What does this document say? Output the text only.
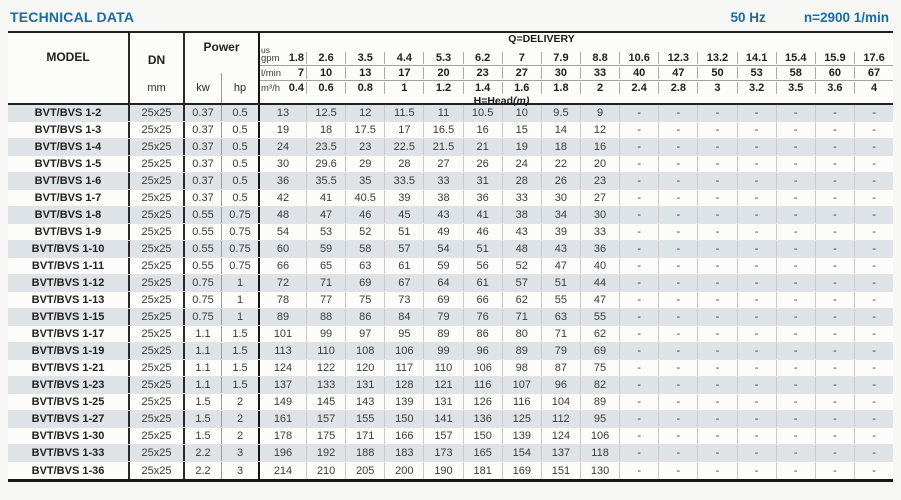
TECHNICAL DATA	50 Hz	n=2900 1/min
MODEL	DN
mm
Power
kw	hp
Q=DELIVERY
us
gpm 1.8	2.6	3.5	4.4	5.3	6.2	7	7.9	8.8	10.6	12.3	13.2	14.1	15.4	15.9	17.6
l/min 7	10	13	17	20	23	27	30	33	40	47	50	53	58	60	67
m³/h 0.4	0.6	0.8	1	1.2	1.4	1.6	1.8	2	2.4	2.8	3	3.2	3.5	3.6	4
H=Head (m)
BVT/BVS 1-2	25x25	0.37	0.5	13	12.5	12	11.5	11	10.5	10	9.5	9	-	-	-	-	-	-	-
BVT/BVS 1-3	25x25	0.37	0.5	19	18	17.5	17	16.5	16	15	14	12	-	-	-	-	-	-	-
BVT/BVS 1-4	25x25	0.37	0.5	24	23.5	23	22.5	21.5	21	19	18	16	-	-	-	-	-	-	-
BVT/BVS 1-5	25x25	0.37	0.5	30	29.6	29	28	27	26	24	22	20	-	-	-	-	-	-	-
BVT/BVS 1-6	25x25	0.37	0.5	36	35.5	35	33.5	33	31	28	26	23	-	-	-	-	-	-	-
BVT/BVS 1-7	25x25	0.37	0.5	42	41	40.5	39	38	36	33	30	27	-	-	-	-	-	-	-
BVT/BVS 1-8	25x25	0.55	0.75	48	47	46	45	43	41	38	34	30	-	-	-	-	-	-	-
BVT/BVS 1-9	25x25	0.55	0.75	54	53	52	51	49	46	43	39	33	-	-	-	-	-	-	-
BVT/BVS 1-10	25x25	0.55	0.75	60	59	58	57	54	51	48	43	36	-	-	-	-	-	-	-
BVT/BVS 1-11	25x25	0.55	0.75	66	65	63	61	59	56	52	47	40	-	-	-	-	-	-	-
BVT/BVS 1-12	25x25	0.75	1	72	71	69	67	64	61	57	51	44	-	-	-	-	-	-	-
BVT/BVS 1-13	25x25	0.75	1	78	77	75	73	69	66	62	55	47	-	-	-	-	-	-	-
BVT/BVS 1-15	25x25	0.75	1	89	88	86	84	79	76	71	63	55	-	-	-	-	-	-	-
BVT/BVS 1-17	25x25	1.1	1.5	101	99	97	95	89	86	80	71	62	-	-	-	-	-	-	-
BVT/BVS 1-19	25x25	1.1	1.5	113	110	108	106	99	96	89	79	69	-	-	-	-	-	-	-
BVT/BVS 1-21	25x25	1.1	1.5	124	122	120	117	110	106	98	87	75	-	-	-	-	-	-	-
BVT/BVS 1-23	25x25	1.1	1.5	137	133	131	128	121	116	107	96	82	-	-	-	-	-	-	-
BVT/BVS 1-25	25x25	1.5	2	149	145	143	139	131	126	116	104	89	-	-	-	-	-	-	-
BVT/BVS 1-27	25x25	1.5	2	161	157	155	150	141	136	125	112	95	-	-	-	-	-	-	-
BVT/BVS 1-30	25x25	1.5	2	178	175	171	166	157	150	139	124	106	-	-	-	-	-	-	-
BVT/BVS 1-33	25x25	2.2	3	196	192	188	183	173	165	154	137	118	-	-	-	-	-	-	-
BVT/BVS 1-36	25x25	2.2	3	214	210	205	200	190	181	169	151	130	-	-	-	-	-	-	-
